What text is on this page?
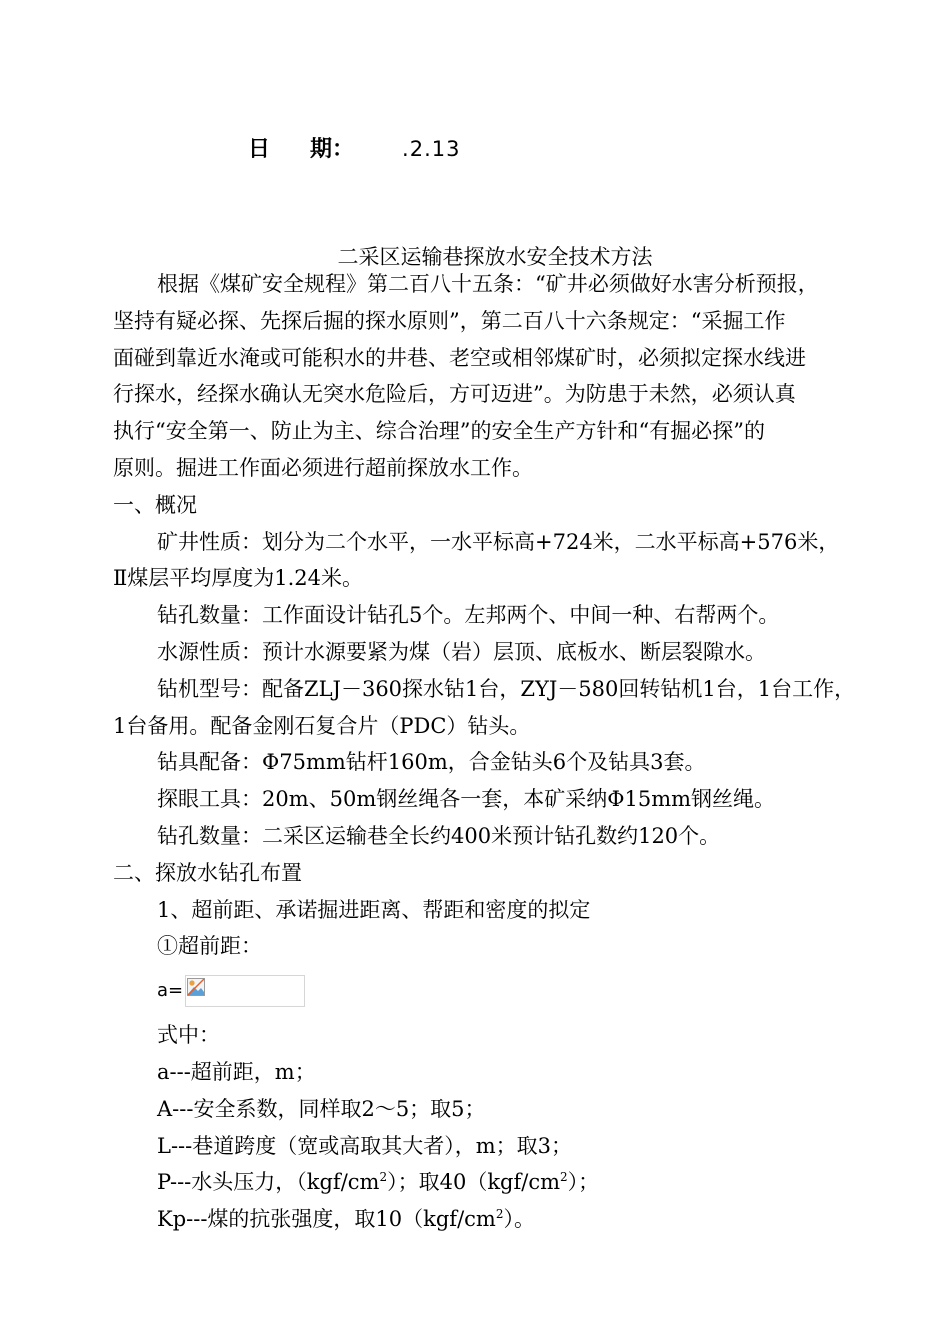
日 期： .2.13
二采区运输巷探放水安全技术方法

根据《煤矿安全规程》第二百八十五条：“矿井必须做好水害分析预报，

坚持有疑必探、先探后掘的探水原则”，第二百八十六条规定：“采掘工作

面碰到靠近水淹或可能积水的井巷、老空或相邻煤矿时，必须拟定探水线进

行探水，经探水确认无突水危险后，方可迈进”。为防患于未然，必须认真

执行“安全第一、防止为主、综合治理”的安全生产方针和“有掘必探”的

原则。掘进工作面必须进行超前探放水工作。

一、概况

矿井性质：划分为二个水平，一水平标高+724米，二水平标高+576米，

Ⅱ煤层平均厚度为1.24米。

钻孔数量：工作面设计钻孔5个。左邦两个、中间一种、右帮两个。

水源性质：预计水源要紧为煤（岩）层顶、底板水、断层裂隙水。

钻机型号：配备ZLJ－360探水钻1台，ZYJ－580回转钻机1台，1台工作，

1台备用。配备金刚石复合片（PDC）钻头。

钻具配备：Φ75mm钻杆160m，合金钻头6个及钻具3套。

探眼工具：20m、50m钢丝绳各一套，本矿采纳Φ15mm钢丝绳。

钻孔数量：二采区运输巷全长约400米预计钻孔数约120个。

二、探放水钻孔布置

1、超前距、承诺掘进距离、帮距和密度的拟定

①超前距：

a=

式中：

a---超前距，m；

A---安全系数，同样取2～5；取5；

L---巷道跨度（宽或高取其大者），m；取3；

P---水头压力，$(kgf/cm^2)$；取$40(kgf/cm^2)$；

Kp---煤的抗张强度，取$10(kgf/cm^2)$。
